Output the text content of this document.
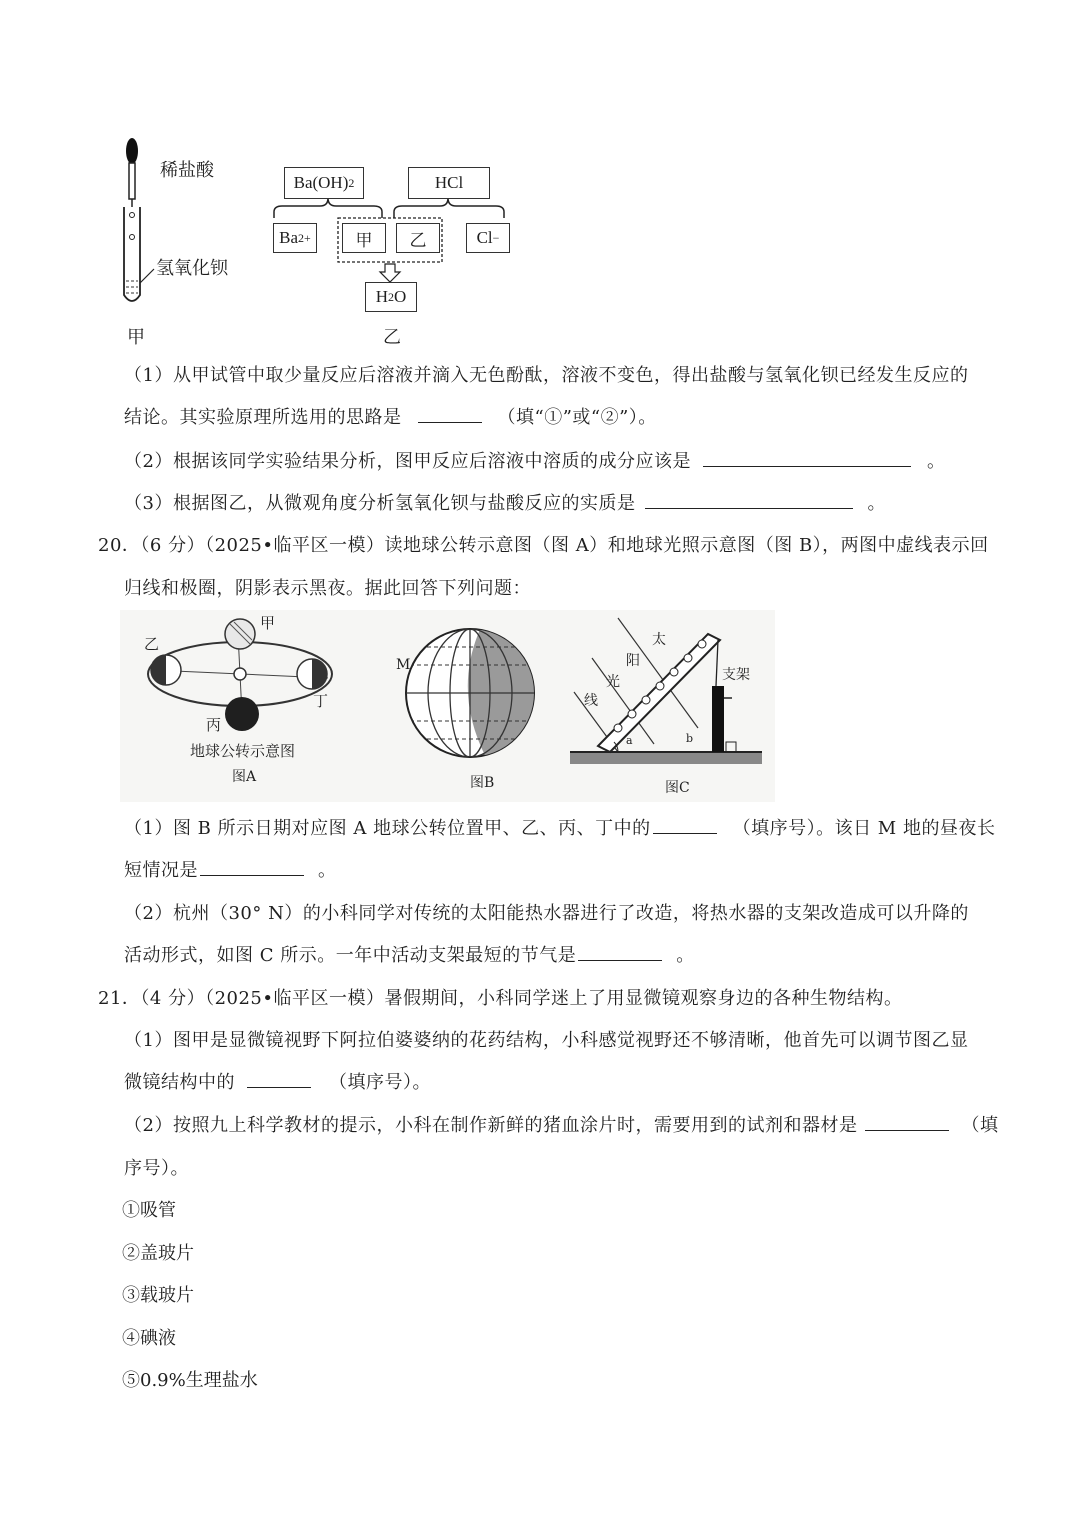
稀盐酸
氢氧化钡
甲
Ba(OH) 2	HCl
Ba 2+	甲 乙	Cl −
H 2 O
乙
（1）从甲试管中取少量反应后溶液并滴入无色酚酞，溶液不变色，得出盐酸与氢氧化钡已经发生反应的
结论。其实验原理所选用的思路是	（填“①”或“②”）。
（2）根据该同学实验结果分析，图甲反应后溶液中溶质的成分应该是	。
（3）根据图乙，从微观角度分析氢氧化钡与盐酸反应的实质是	。
20．（6 分）（2025•临平区一模）读地球公转示意图（图 A）和地球光照示意图（图 B），两图中虚线表示回
归线和极圈，阴影表示黑夜。据此回答下列问题：
甲
乙
丙
丁
地球公转示意图
图A
M
图B
太
阳
光
线
支架
a	b
图C
（1）图 B 所示日期对应图 A 地球公转位置甲、乙、丙、丁中的	（填序号）。该日 M 地的昼夜长
短情况是	。
（2）杭州（30° N）的小科同学对传统的太阳能热水器进行了改造，将热水器的支架改造成可以升降的
活动形式，如图 C 所示。一年中活动支架最短的节气是	。
21．（4 分）（2025•临平区一模）暑假期间，小科同学迷上了用显微镜观察身边的各种生物结构。
（1）图甲是显微镜视野下阿拉伯婆婆纳的花药结构，小科感觉视野还不够清晰，他首先可以调节图乙显
微镜结构中的	（填序号）。
（2）按照九上科学教材的提示，小科在制作新鲜的猪血涂片时，需要用到的试剂和器材是	（填
序号）。
①吸管
②盖玻片
③载玻片
④碘液
⑤0.9%生理盐水
